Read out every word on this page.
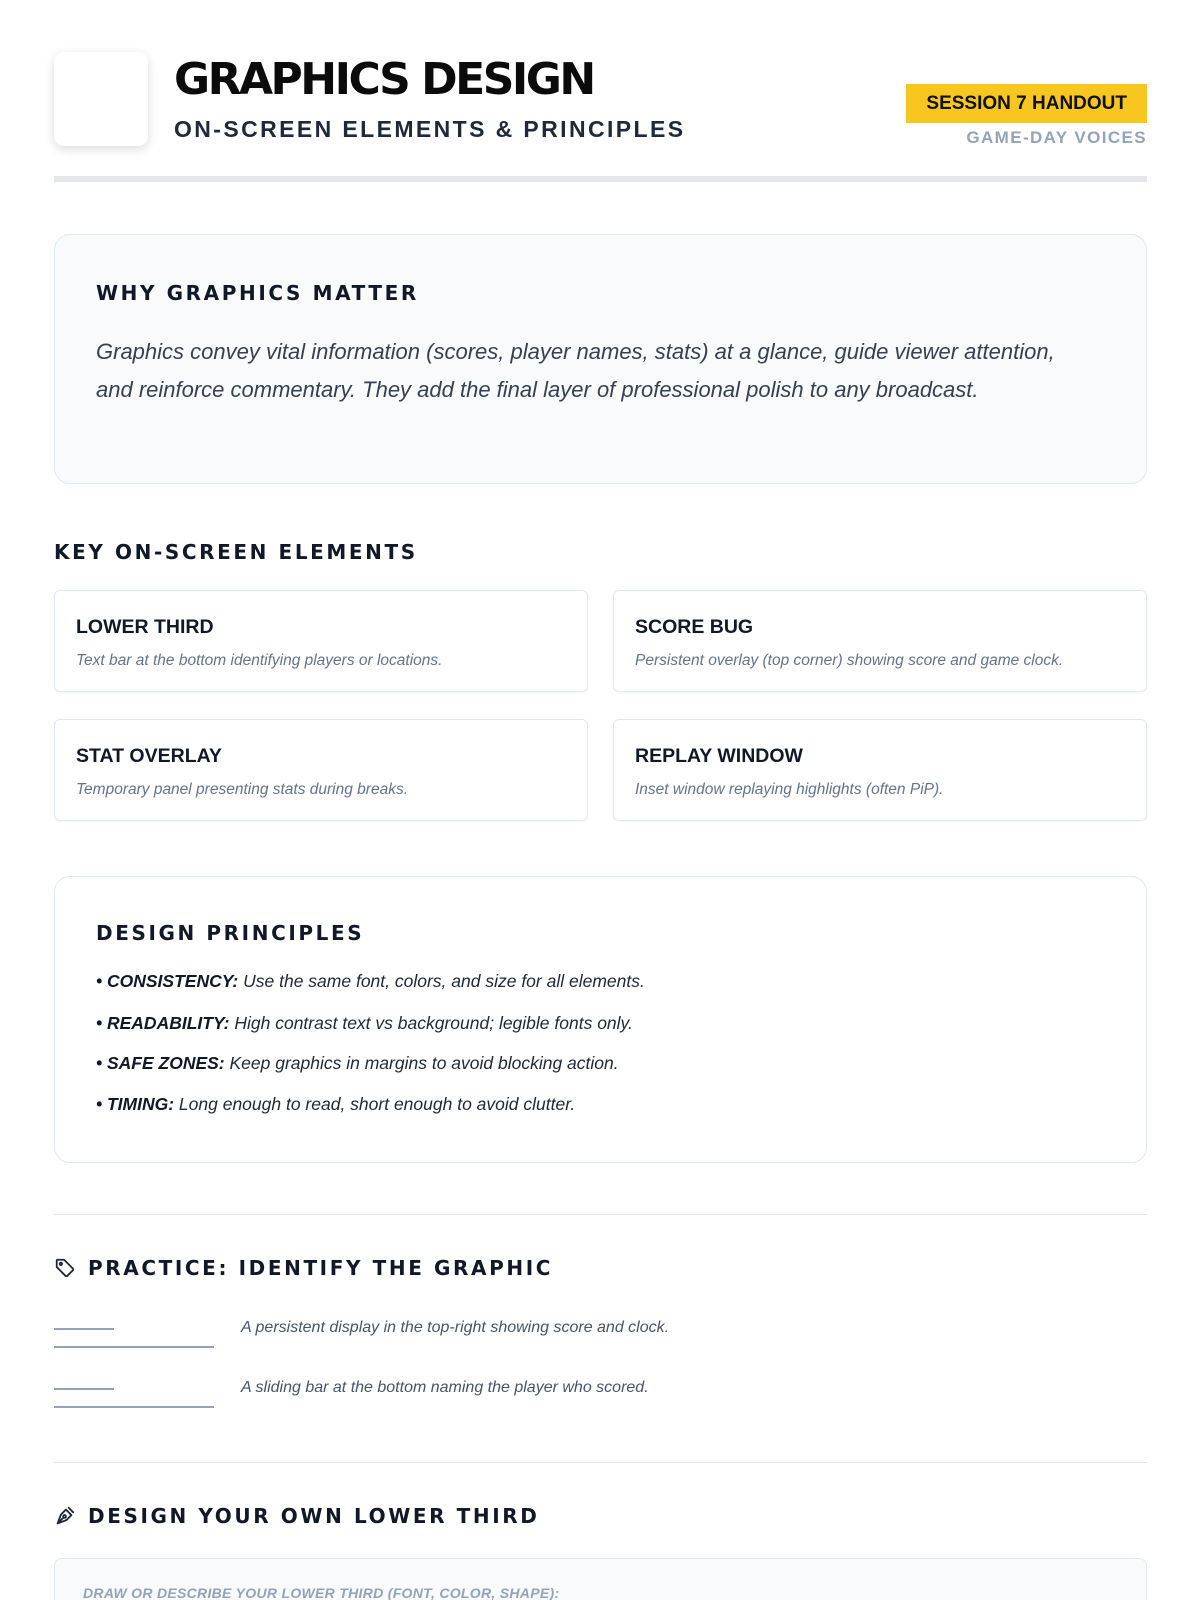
GRAPHICS DESIGN
ON-SCREEN ELEMENTS & PRINCIPLES
SESSION 7 HANDOUT
GAME-DAY VOICES
WHY GRAPHICS MATTER
Graphics convey vital information (scores, player names, stats) at a glance, guide viewer attention, and reinforce commentary. They add the final layer of professional polish to any broadcast.
KEY ON-SCREEN ELEMENTS
LOWER THIRD
Text bar at the bottom identifying players or locations.
SCORE BUG
Persistent overlay (top corner) showing score and game clock.
STAT OVERLAY
Temporary panel presenting stats during breaks.
REPLAY WINDOW
Inset window replaying highlights (often PiP).
DESIGN PRINCIPLES
• CONSISTENCY: Use the same font, colors, and size for all elements.
• READABILITY: High contrast text vs background; legible fonts only.
• SAFE ZONES: Keep graphics in margins to avoid blocking action.
• TIMING: Long enough to read, short enough to avoid clutter.
PRACTICE: IDENTIFY THE GRAPHIC
A persistent display in the top-right showing score and clock.
A sliding bar at the bottom naming the player who scored.
DESIGN YOUR OWN LOWER THIRD
DRAW OR DESCRIBE YOUR LOWER THIRD (FONT, COLOR, SHAPE):
